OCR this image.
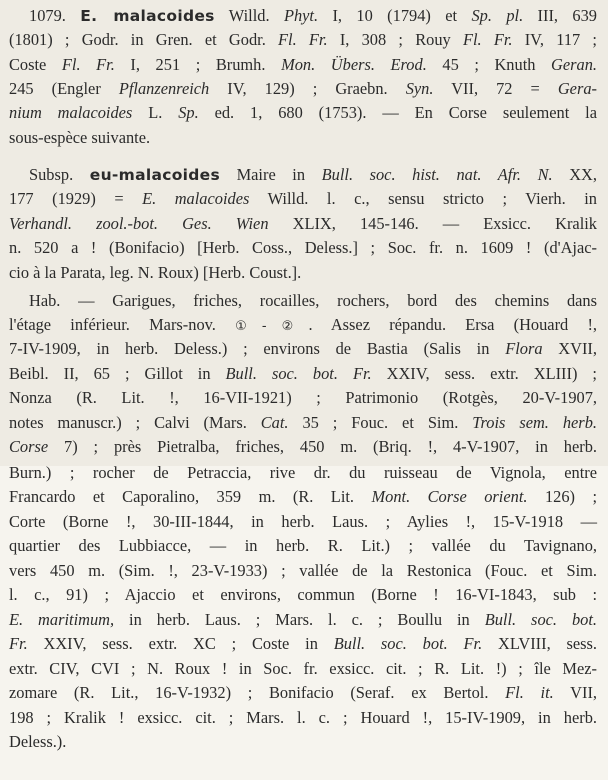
1079. E. malacoides Willd. Phyt. I, 10 (1794) et Sp. pl. III, 639
(1801) ; Godr. in Gren. et Godr. Fl. Fr. I, 308 ; Rouy Fl. Fr. IV, 117 ;
Coste Fl. Fr. I, 251 ; Brumh. Mon. Übers. Erod. 45 ; Knuth Geran.
245 (Engler Pflanzenreich IV, 129) ; Graebn. Syn. VII, 72 = Gera-
nium malacoides L. Sp. ed. 1, 680 (1753). — En Corse seulement la
sous-espèce suivante.
Subsp. eu-malacoides Maire in Bull. soc. hist. nat. Afr. N. XX,
177 (1929) = E. malacoides Willd. l. c., sensu stricto ; Vierh. in
Verhandl. zool.-bot. Ges. Wien XLIX, 145-146. — Exsicc. Kralik
n. 520 a ! (Bonifacio) [Herb. Coss., Deless.] ; Soc. fr. n. 1609 ! (d'Ajac-
cio à la Parata, leg. N. Roux) [Herb. Coust.].
Hab. — Garigues, friches, rocailles, rochers, bord des chemins dans
l'étage inférieur. Mars-nov. ①-②. Assez répandu. Ersa (Houard !,
7-IV-1909, in herb. Deless.) ; environs de Bastia (Salis in Flora XVII,
Beibl. II, 65 ; Gillot in Bull. soc. bot. Fr. XXIV, sess. extr. XLIII) ;
Nonza (R. Lit. !, 16-VII-1921) ; Patrimonio (Rotgès, 20-V-1907,
notes manuscr.) ; Calvi (Mars. Cat. 35 ; Fouc. et Sim. Trois sem. herb.
Corse 7) ; près Pietralba, friches, 450 m. (Briq. !, 4-V-1907, in herb.
Burn.) ; rocher de Petraccia, rive dr. du ruisseau de Vignola, entre
Francardo et Caporalino, 359 m. (R. Lit. Mont. Corse orient. 126) ;
Corte (Borne !, 30-III-1844, in herb. Laus. ; Aylies !, 15-V-1918 —
quartier des Lubbiacce, — in herb. R. Lit.) ; vallée du Tavignano,
vers 450 m. (Sim. !, 23-V-1933) ; vallée de la Restonica (Fouc. et Sim.
l. c., 91) ; Ajaccio et environs, commun (Borne ! 16-VI-1843, sub :
E. maritimum, in herb. Laus. ; Mars. l. c. ; Boullu in Bull. soc. bot.
Fr. XXIV, sess. extr. XC ; Coste in Bull. soc. bot. Fr. XLVIII, sess.
extr. CIV, CVI ; N. Roux ! in Soc. fr. exsicc. cit. ; R. Lit. !) ; île Mez-
zomare (R. Lit., 16-V-1932) ; Bonifacio (Seraf. ex Bertol. Fl. it. VII,
198 ; Kralik ! exsicc. cit. ; Mars. l. c. ; Houard !, 15-IV-1909, in herb.
Deless.).
